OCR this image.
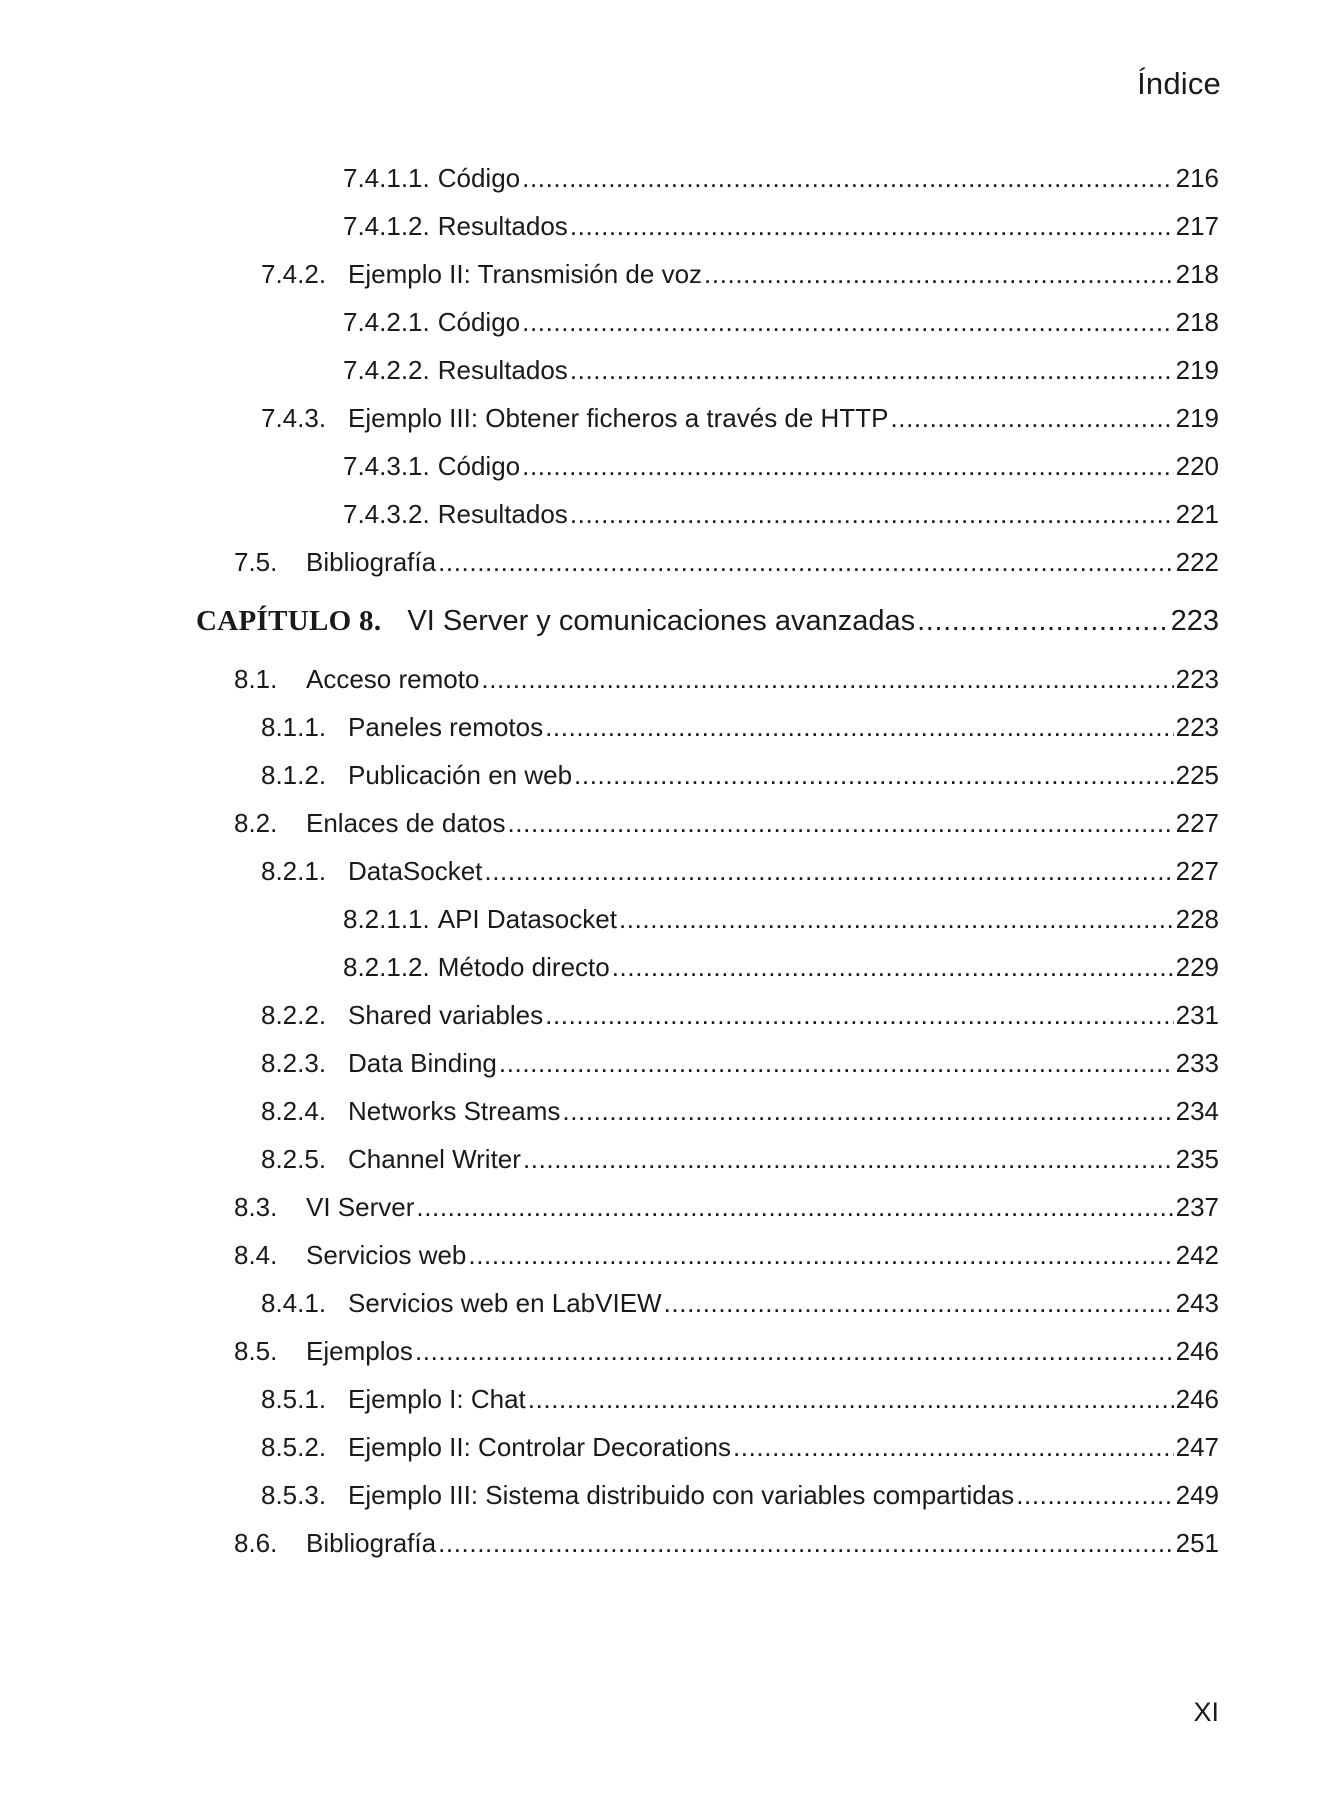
Índice
7.4.1.1. Código .....	216
7.4.1.2. Resultados .....	217
7.4.2. Ejemplo II: Transmisión de voz .....	218
7.4.2.1. Código .....	218
7.4.2.2. Resultados .....	219
7.4.3. Ejemplo III: Obtener ficheros a través de HTTP .....	219
7.4.3.1. Código .....	220
7.4.3.2. Resultados .....	221
7.5.	Bibliografía .....	222
CAPÍTULO 8. VI Server y comunicaciones avanzadas .....	223
8.1.	Acceso remoto .....	223
8.1.1. Paneles remotos .....	223
8.1.2. Publicación en web .....	225
8.2.	Enlaces de datos .....	227
8.2.1. DataSocket .....	227
8.2.1.1. API Datasocket .....	228
8.2.1.2. Método directo .....	229
8.2.2. Shared variables .....	231
8.2.3. Data Binding .....	233
8.2.4. Networks Streams .....	234
8.2.5. Channel Writer .....	235
8.3.	VI Server .....	237
8.4.	Servicios web .....	242
8.4.1. Servicios web en LabVIEW .....	243
8.5.	Ejemplos .....	246
8.5.1. Ejemplo I: Chat .....	246
8.5.2. Ejemplo II: Controlar Decorations .....	247
8.5.3. Ejemplo III: Sistema distribuido con variables compartidas .....	249
8.6.	Bibliografía .....	251
XI
